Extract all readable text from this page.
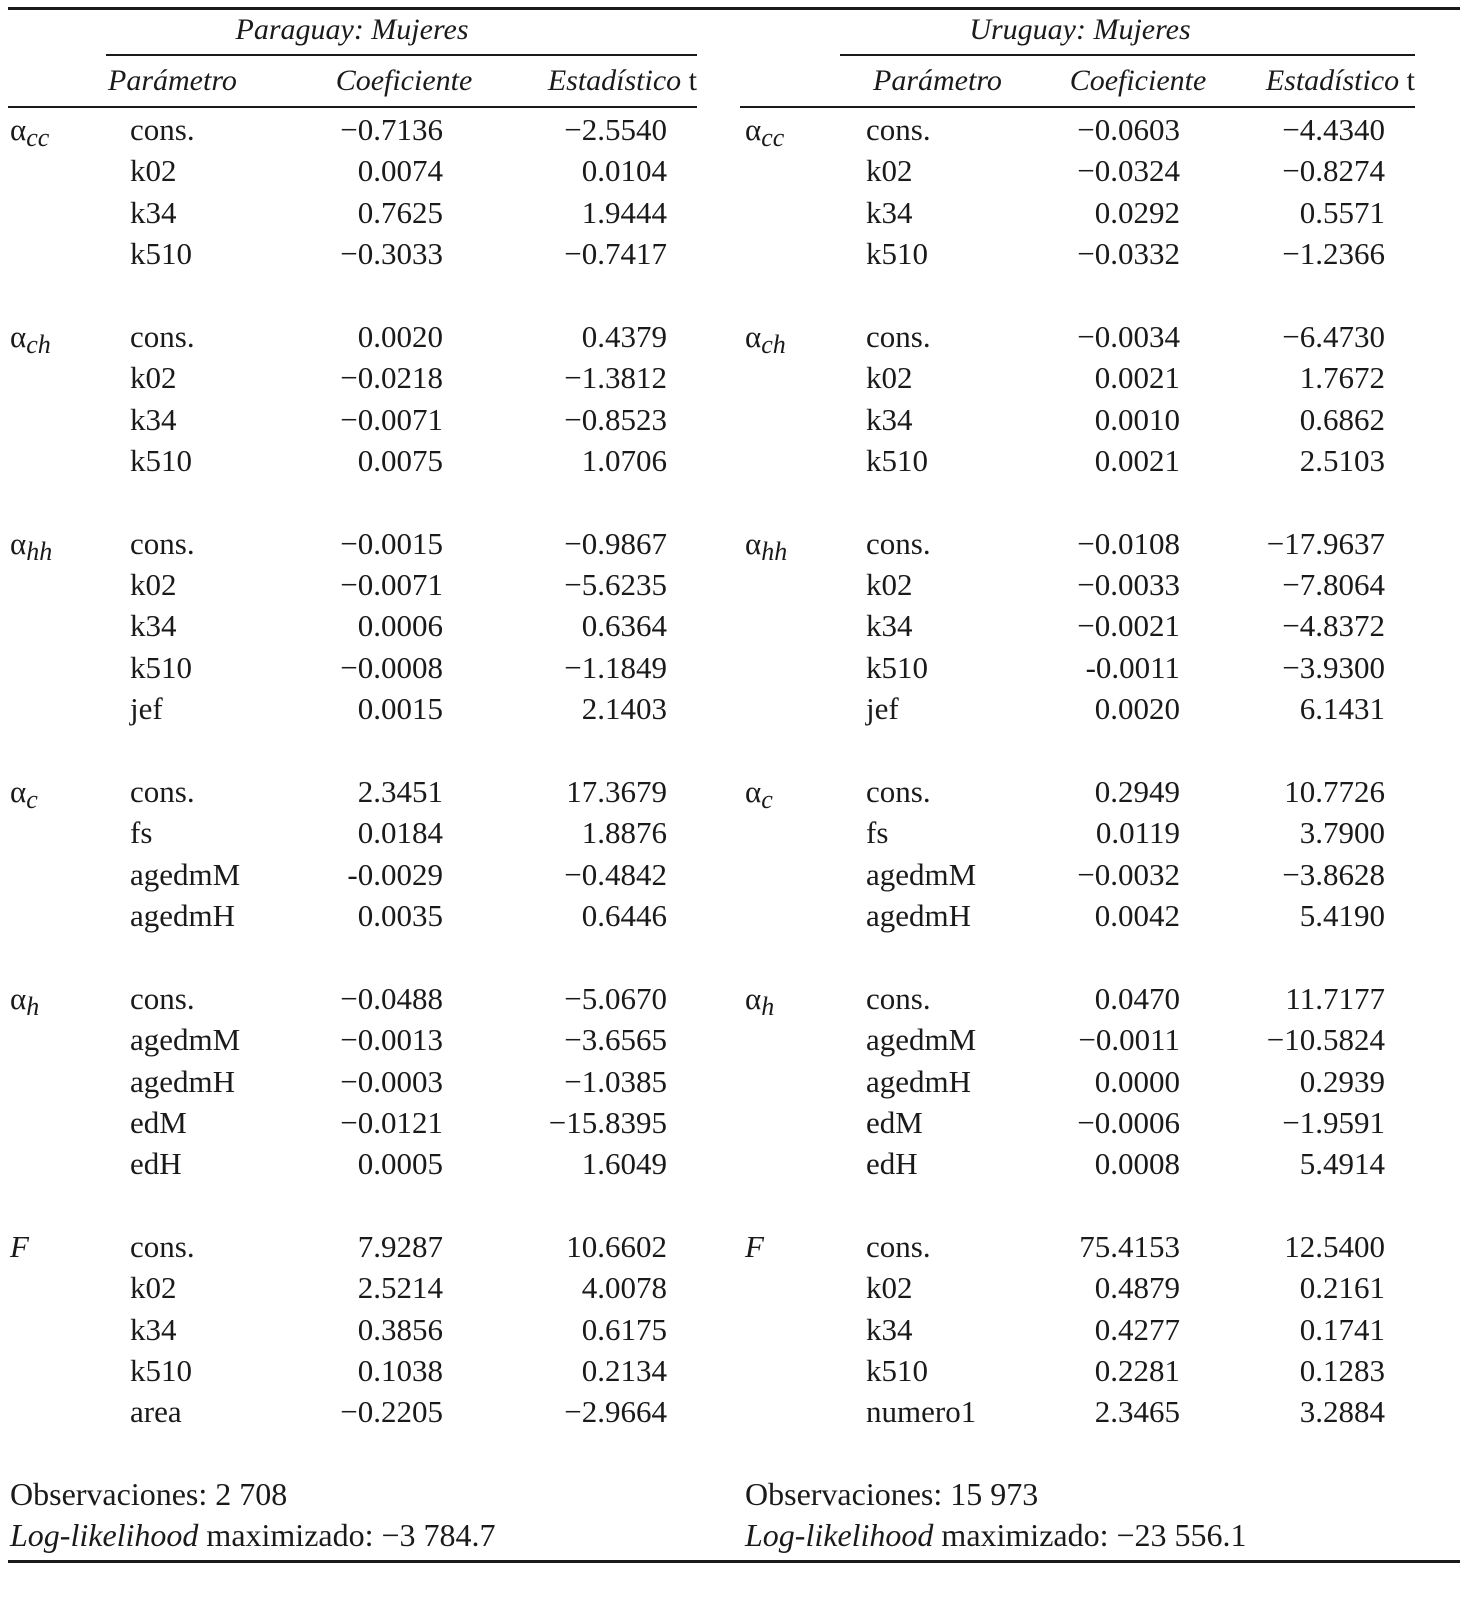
Paraguay: Mujeres
Parámetro	Coeficiente	Estadístico t
$\alpha_{cc}$	cons.	−0.7136	−2.5540
k02	0.0074	0.0104
k34	0.7625	1.9444
k510	−0.3033	−0.7417
$\alpha_{ch}$	cons.	0.0020	0.4379
k02	−0.0218	−1.3812
k34	−0.0071	−0.8523
k510	0.0075	1.0706
$\alpha_{hh}$	cons.	−0.0015	−0.9867
k02	−0.0071	−5.6235
k34	0.0006	0.6364
k510	−0.0008	−1.1849
jef	0.0015	2.1403
$\alpha_c$	cons.	2.3451	17.3679
fs	0.0184	1.8876
agedmM	-0.0029	−0.4842
agedmH	0.0035	0.6446
$\alpha_h$	cons.	−0.0488	−5.0670
agedmM	−0.0013	−3.6565
agedmH	−0.0003	−1.0385
edM	−0.0121	−15.8395
edH	0.0005	1.6049
F	cons.	7.9287	10.6602
k02	2.5214	4.0078
k34	0.3856	0.6175
k510	0.1038	0.2134
area	−0.2205	−2.9664
Observaciones: 2 708
Log-likelihood maximizado: −3 784.7
Uruguay: Mujeres
Parámetro	Coeficiente	Estadístico t
$\alpha_{cc}$	cons.	−0.0603	−4.4340
k02	−0.0324	−0.8274
k34	0.0292	0.5571
k510	−0.0332	−1.2366
$\alpha_{ch}$	cons.	−0.0034	−6.4730
k02	0.0021	1.7672
k34	0.0010	0.6862
k510	0.0021	2.5103
$\alpha_{hh}$	cons.	−0.0108	−17.9637
k02	−0.0033	−7.8064
k34	−0.0021	−4.8372
k510	-0.0011	−3.9300
jef	0.0020	6.1431
$\alpha_c$	cons.	0.2949	10.7726
fs	0.0119	3.7900
agedmM	−0.0032	−3.8628
agedmH	0.0042	5.4190
$\alpha_h$	cons.	0.0470	11.7177
agedmM	−0.0011	−10.5824
agedmH	0.0000	0.2939
edM	−0.0006	−1.9591
edH	0.0008	5.4914
F	cons.	75.4153	12.5400
k02	0.4879	0.2161
k34	0.4277	0.1741
k510	0.2281	0.1283
numero1	2.3465	3.2884
Observaciones: 15 973
Log-likelihood maximizado: −23 556.1
